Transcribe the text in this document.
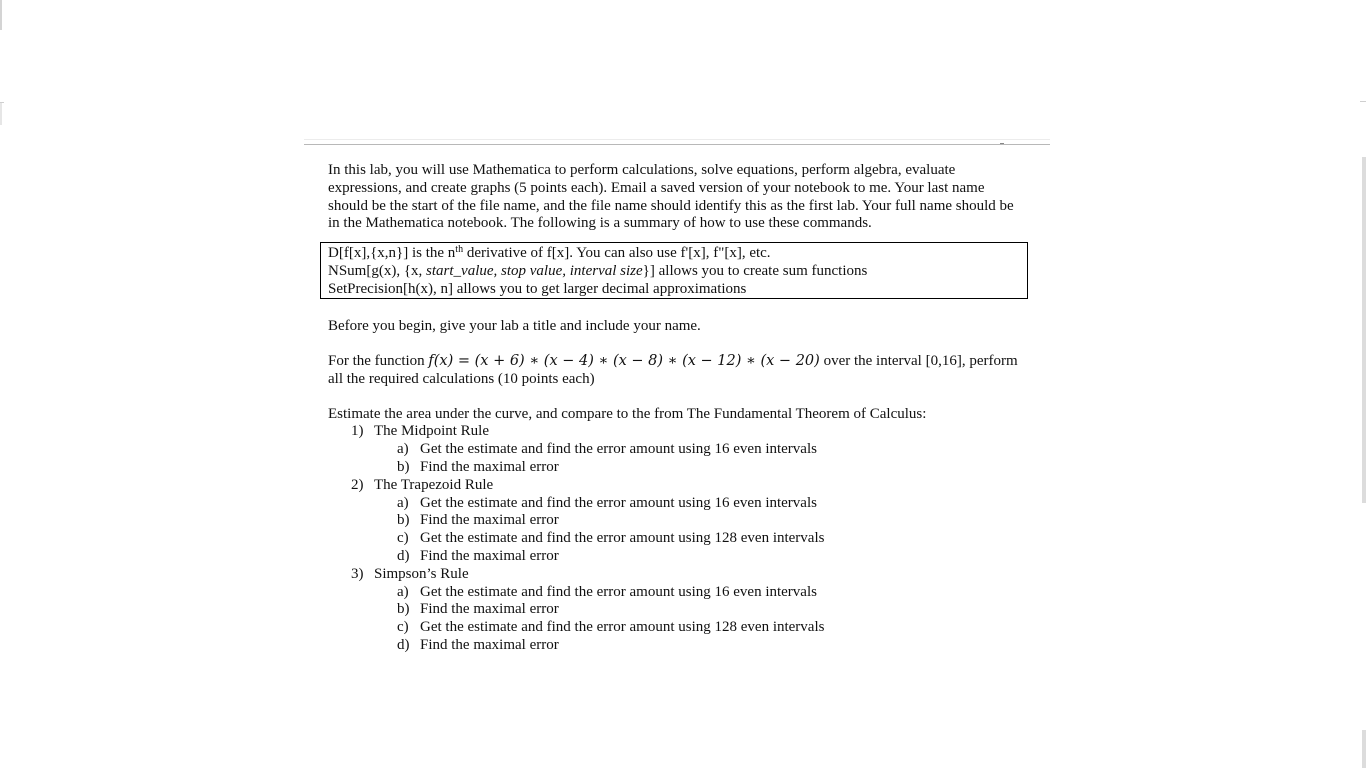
In this lab, you will use Mathematica to perform calculations, solve equations, perform algebra, evaluate expressions, and create graphs (5 points each). Email a saved version of your notebook to me. Your last name should be the start of the file name, and the file name should identify this as the first lab. Your full name should be in the Mathematica notebook. The following is a summary of how to use these commands.

D[f[x],{x,n}] is the $n^{th}$ derivative of f[x]. You can also use f'[x], f"[x], etc.
NSum[g(x), {x, start_value, stop value, interval size}] allows you to create sum functions
SetPrecision[h(x), n] allows you to get larger decimal approximations

Before you begin, give your lab a title and include your name.

For the function f(x) = (x + 6) ∗ (x − 4) ∗ (x − 8) ∗ (x − 12) ∗ (x − 20) over the interval [0,16], perform all the required calculations (10 points each)

Estimate the area under the curve, and compare to the from The Fundamental Theorem of Calculus:

1) The Midpoint Rule
a) Get the estimate and find the error amount using 16 even intervals
b) Find the maximal error
2) The Trapezoid Rule
a) Get the estimate and find the error amount using 16 even intervals
b) Find the maximal error
c) Get the estimate and find the error amount using 128 even intervals
d) Find the maximal error
3) Simpson’s Rule
a) Get the estimate and find the error amount using 16 even intervals
b) Find the maximal error
c) Get the estimate and find the error amount using 128 even intervals
d) Find the maximal error
